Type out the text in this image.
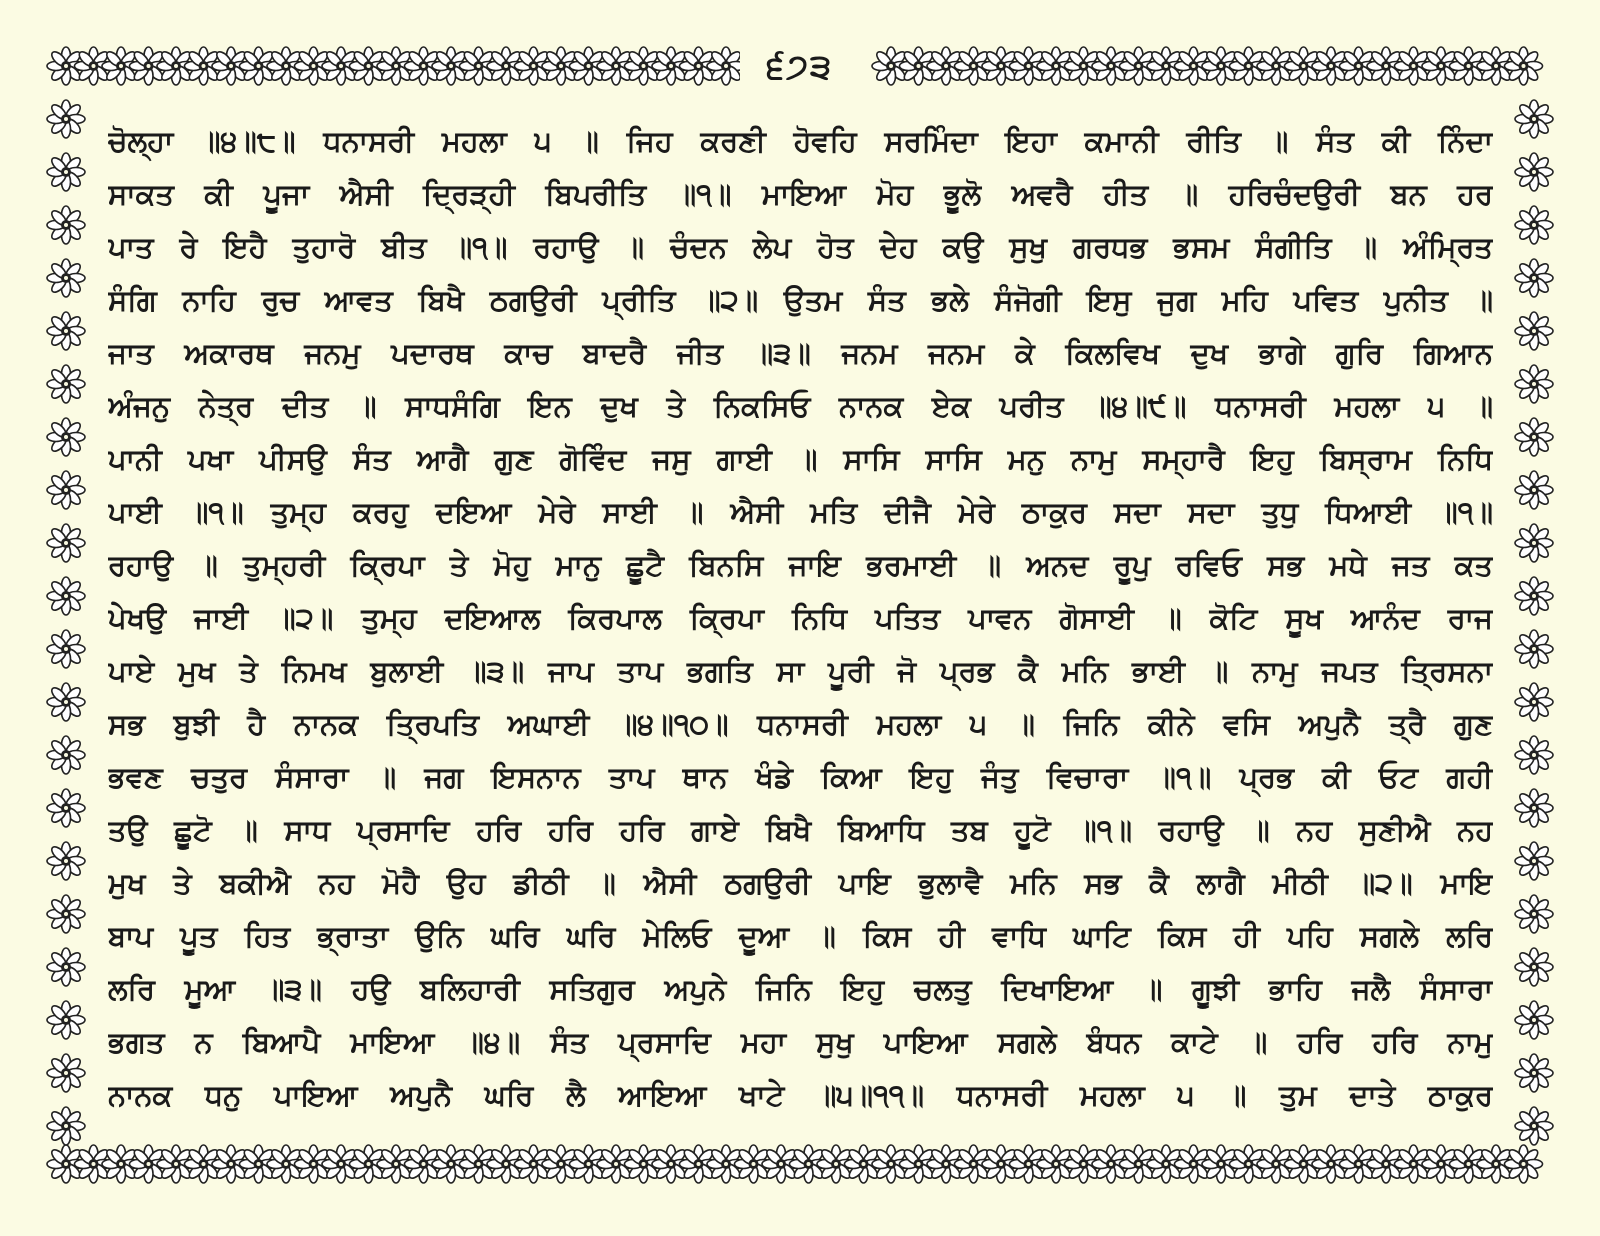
੬੭੩
ਚੋਲ੍ਹਾ ॥੪॥੮॥ ਧਨਾਸਰੀ ਮਹਲਾ ੫ ॥ ਜਿਹ ਕਰਣੀ ਹੋਵਹਿ ਸਰਮਿੰਦਾ ਇਹਾ ਕਮਾਨੀ ਰੀਤਿ ॥ ਸੰਤ ਕੀ ਨਿੰਦਾ
ਸਾਕਤ ਕੀ ਪੂਜਾ ਐਸੀ ਦ੍ਰਿੜ੍ਹੀ ਬਿਪਰੀਤਿ ॥੧॥ ਮਾਇਆ ਮੋਹ ਭੂਲੋ ਅਵਰੈ ਹੀਤ ॥ ਹਰਿਚੰਦਉਰੀ ਬਨ ਹਰ
ਪਾਤ ਰੇ ਇਹੈ ਤੁਹਾਰੋ ਬੀਤ ॥੧॥ ਰਹਾਉ ॥ ਚੰਦਨ ਲੇਪ ਹੋਤ ਦੇਹ ਕਉ ਸੁਖੁ ਗਰਧਭ ਭਸਮ ਸੰਗੀਤਿ ॥ ਅੰਮ੍ਰਿਤ
ਸੰਗਿ ਨਾਹਿ ਰੁਚ ਆਵਤ ਬਿਖੈ ਠਗਉਰੀ ਪ੍ਰੀਤਿ ॥੨॥ ਉਤਮ ਸੰਤ ਭਲੇ ਸੰਜੋਗੀ ਇਸੁ ਜੁਗ ਮਹਿ ਪਵਿਤ ਪੁਨੀਤ ॥
ਜਾਤ ਅਕਾਰਥ ਜਨਮੁ ਪਦਾਰਥ ਕਾਚ ਬਾਦਰੈ ਜੀਤ ॥੩॥ ਜਨਮ ਜਨਮ ਕੇ ਕਿਲਵਿਖ ਦੁਖ ਭਾਗੇ ਗੁਰਿ ਗਿਆਨ
ਅੰਜਨੁ ਨੇਤ੍ਰ ਦੀਤ ॥ ਸਾਧਸੰਗਿ ਇਨ ਦੁਖ ਤੇ ਨਿਕਸਿਓ ਨਾਨਕ ਏਕ ਪਰੀਤ ॥੪॥੯॥ ਧਨਾਸਰੀ ਮਹਲਾ ੫ ॥
ਪਾਨੀ ਪਖਾ ਪੀਸਉ ਸੰਤ ਆਗੈ ਗੁਣ ਗੋਵਿੰਦ ਜਸੁ ਗਾਈ ॥ ਸਾਸਿ ਸਾਸਿ ਮਨੁ ਨਾਮੁ ਸਮ੍ਹਾਰੈ ਇਹੁ ਬਿਸ੍ਰਾਮ ਨਿਧਿ
ਪਾਈ ॥੧॥ ਤੁਮ੍ਹ ਕਰਹੁ ਦਇਆ ਮੇਰੇ ਸਾਈ ॥ ਐਸੀ ਮਤਿ ਦੀਜੈ ਮੇਰੇ ਠਾਕੁਰ ਸਦਾ ਸਦਾ ਤੁਧੁ ਧਿਆਈ ॥੧॥
ਰਹਾਉ ॥ ਤੁਮ੍ਹਰੀ ਕ੍ਰਿਪਾ ਤੇ ਮੋਹੁ ਮਾਨੁ ਛੂਟੈ ਬਿਨਸਿ ਜਾਇ ਭਰਮਾਈ ॥ ਅਨਦ ਰੂਪੁ ਰਵਿਓ ਸਭ ਮਧੇ ਜਤ ਕਤ
ਪੇਖਉ ਜਾਈ ॥੨॥ ਤੁਮ੍ਹ ਦਇਆਲ ਕਿਰਪਾਲ ਕ੍ਰਿਪਾ ਨਿਧਿ ਪਤਿਤ ਪਾਵਨ ਗੋਸਾਈ ॥ ਕੋਟਿ ਸੂਖ ਆਨੰਦ ਰਾਜ
ਪਾਏ ਮੁਖ ਤੇ ਨਿਮਖ ਬੁਲਾਈ ॥੩॥ ਜਾਪ ਤਾਪ ਭਗਤਿ ਸਾ ਪੂਰੀ ਜੋ ਪ੍ਰਭ ਕੈ ਮਨਿ ਭਾਈ ॥ ਨਾਮੁ ਜਪਤ ਤ੍ਰਿਸਨਾ
ਸਭ ਬੁਝੀ ਹੈ ਨਾਨਕ ਤ੍ਰਿਪਤਿ ਅਘਾਈ ॥੪॥੧੦॥ ਧਨਾਸਰੀ ਮਹਲਾ ੫ ॥ ਜਿਨਿ ਕੀਨੇ ਵਸਿ ਅਪੁਨੈ ਤ੍ਰੈ ਗੁਣ
ਭਵਣ ਚਤੁਰ ਸੰਸਾਰਾ ॥ ਜਗ ਇਸਨਾਨ ਤਾਪ ਥਾਨ ਖੰਡੇ ਕਿਆ ਇਹੁ ਜੰਤੁ ਵਿਚਾਰਾ ॥੧॥ ਪ੍ਰਭ ਕੀ ਓਟ ਗਹੀ
ਤਉ ਛੂਟੋ ॥ ਸਾਧ ਪ੍ਰਸਾਦਿ ਹਰਿ ਹਰਿ ਹਰਿ ਗਾਏ ਬਿਖੈ ਬਿਆਧਿ ਤਬ ਹੂਟੋ ॥੧॥ ਰਹਾਉ ॥ ਨਹ ਸੁਣੀਐ ਨਹ
ਮੁਖ ਤੇ ਬਕੀਐ ਨਹ ਮੋਹੈ ਉਹ ਡੀਠੀ ॥ ਐਸੀ ਠਗਉਰੀ ਪਾਇ ਭੁਲਾਵੈ ਮਨਿ ਸਭ ਕੈ ਲਾਗੈ ਮੀਠੀ ॥੨॥ ਮਾਇ
ਬਾਪ ਪੂਤ ਹਿਤ ਭ੍ਰਾਤਾ ਉਨਿ ਘਰਿ ਘਰਿ ਮੇਲਿਓ ਦੂਆ ॥ ਕਿਸ ਹੀ ਵਾਧਿ ਘਾਟਿ ਕਿਸ ਹੀ ਪਹਿ ਸਗਲੇ ਲਰਿ
ਲਰਿ ਮੂਆ ॥੩॥ ਹਉ ਬਲਿਹਾਰੀ ਸਤਿਗੁਰ ਅਪੁਨੇ ਜਿਨਿ ਇਹੁ ਚਲਤੁ ਦਿਖਾਇਆ ॥ ਗੂਝੀ ਭਾਹਿ ਜਲੈ ਸੰਸਾਰਾ
ਭਗਤ ਨ ਬਿਆਪੈ ਮਾਇਆ ॥੪॥ ਸੰਤ ਪ੍ਰਸਾਦਿ ਮਹਾ ਸੁਖੁ ਪਾਇਆ ਸਗਲੇ ਬੰਧਨ ਕਾਟੇ ॥ ਹਰਿ ਹਰਿ ਨਾਮੁ
ਨਾਨਕ ਧਨੁ ਪਾਇਆ ਅਪੁਨੈ ਘਰਿ ਲੈ ਆਇਆ ਖਾਟੇ ॥੫॥੧੧॥ ਧਨਾਸਰੀ ਮਹਲਾ ੫ ॥ ਤੁਮ ਦਾਤੇ ਠਾਕੁਰ
